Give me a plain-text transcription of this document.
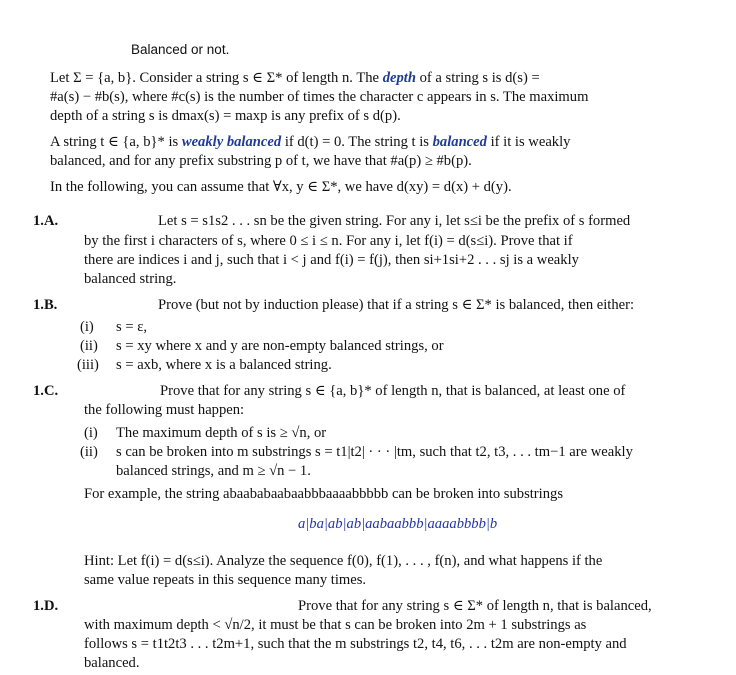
Balanced or not.
Let Σ = {a, b}. Consider a string s ∈ Σ* of length n. The depth of a string s is d(s) =
#a(s) − #b(s), where #c(s) is the number of times the character c appears in s. The maximum
depth of a string s is dmax(s) = maxp is any prefix of s d(p).
A string t ∈ {a, b}* is weakly balanced if d(t) = 0. The string t is balanced if it is weakly
balanced, and for any prefix substring p of t, we have that #a(p) ≥ #b(p).
In the following, you can assume that ∀x, y ∈ Σ*, we have d(xy) = d(x) + d(y).
1.A.	Let s = s1s2 . . . sn be the given string. For any i, let s≤i be the prefix of s formed
by the first i characters of s, where 0 ≤ i ≤ n. For any i, let f(i) = d(s≤i). Prove that if
there are indices i and j, such that i < j and f(i) = f(j), then si+1si+2 . . . sj is a weakly
balanced string.
1.B.	Prove (but not by induction please) that if a string s ∈ Σ* is balanced, then either:
(i) s = ε,
(ii) s = xy where x and y are non-empty balanced strings, or
(iii) s = axb, where x is a balanced string.
1.C.	Prove that for any string s ∈ {a, b}* of length n, that is balanced, at least one of
the following must happen:
(i) The maximum depth of s is ≥ √n, or
(ii) s can be broken into m substrings s = t1|t2| · · · |tm, such that t2, t3, . . . tm−1 are weakly
balanced strings, and m ≥ √n − 1.
For example, the string abaababaabaabbbaaaabbbbb can be broken into substrings
a|ba|ab|ab|aabaabbb|aaaabbbb|b
Hint: Let f(i) = d(s≤i). Analyze the sequence f(0), f(1), . . . , f(n), and what happens if the
same value repeats in this sequence many times.
1.D.	Prove that for any string s ∈ Σ* of length n, that is balanced,
with maximum depth < √n/2, it must be that s can be broken into 2m + 1 substrings as
follows s = t1t2t3 . . . t2m+1, such that the m substrings t2, t4, t6, . . . t2m are non-empty and
balanced.
